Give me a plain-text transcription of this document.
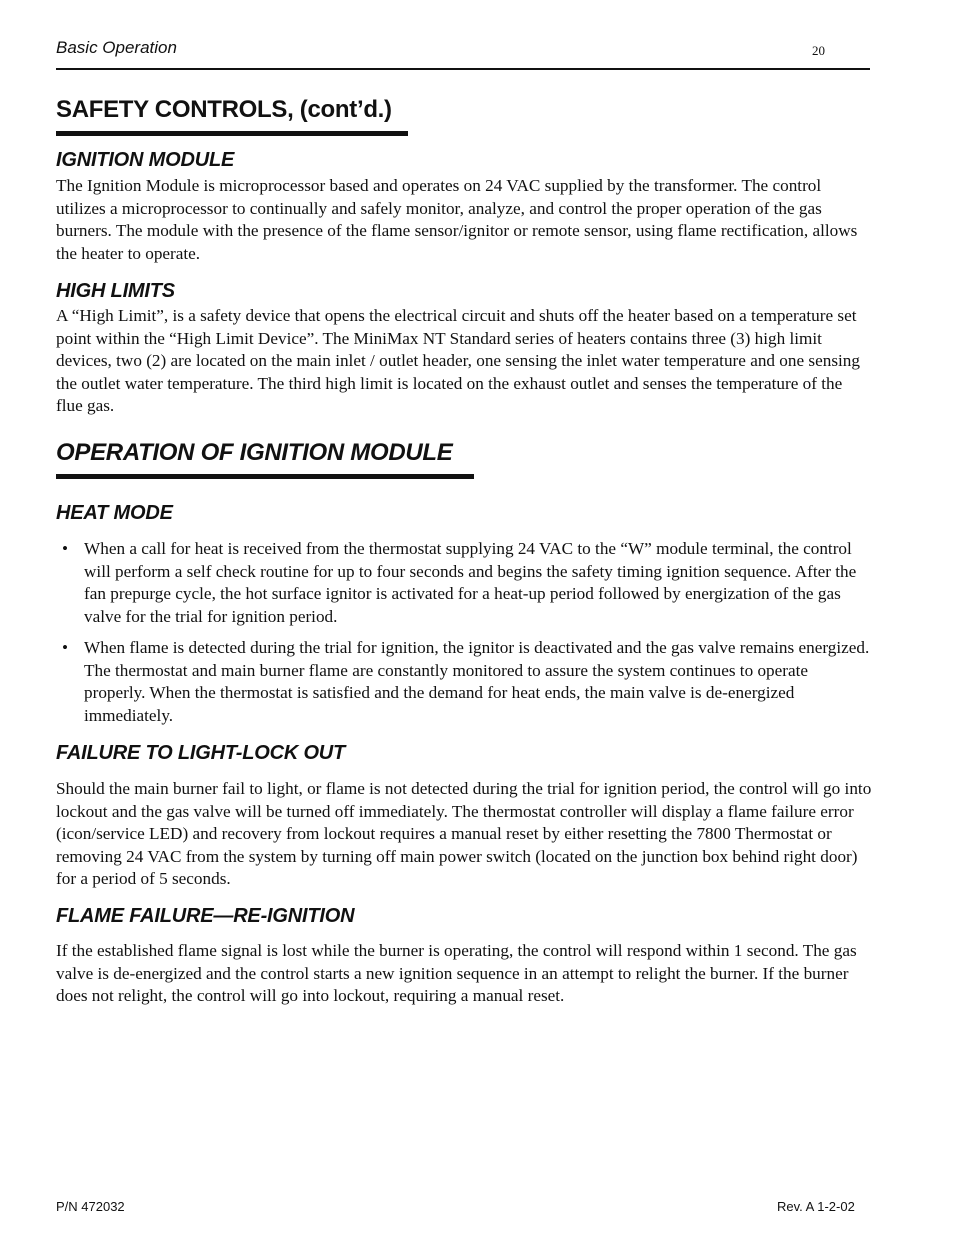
Basic Operation	20
SAFETY CONTROLS, (cont’d.)
IGNITION MODULE
The Ignition Module is microprocessor based and operates on 24 VAC supplied by the transformer. The control utilizes a microprocessor to continually and safely monitor, analyze, and control the proper operation of the gas burners. The module with the presence of the flame sensor/ignitor or remote sensor, using flame rectification, allows the heater to operate.
HIGH LIMITS
A “High Limit”, is a safety device that opens the electrical circuit and shuts off the heater based on a temperature set point within the “High Limit Device”. The MiniMax NT Standard series of heaters contains three (3) high limit devices, two (2) are located on the main inlet / outlet header, one sensing the inlet water temperature and one sensing the outlet water temperature. The third high limit is located on the exhaust outlet and senses the temperature of the flue gas.
OPERATION OF IGNITION MODULE
HEAT MODE
• When a call for heat is received from the thermostat supplying 24 VAC to the “W” module terminal, the control will perform a self check routine for up to four seconds and begins the safety timing ignition sequence. After the fan prepurge cycle, the hot surface ignitor is activated for a heat-up period followed by energization of the gas valve for the trial for ignition period.
• When flame is detected during the trial for ignition, the ignitor is deactivated and the gas valve remains energized. The thermostat and main burner flame are constantly monitored to assure the system continues to operate properly. When the thermostat is satisfied and the demand for heat ends, the main valve is de-energized immediately.
FAILURE TO LIGHT-LOCK OUT
Should the main burner fail to light, or flame is not detected during the trial for ignition period, the control will go into lockout and the gas valve will be turned off immediately. The thermostat controller will display a flame failure error (icon/service LED) and recovery from lockout requires a manual reset by either resetting the 7800 Thermostat or removing 24 VAC from the system by turning off main power switch (located on the junction box behind right door) for a period of 5 seconds.
FLAME FAILURE—RE-IGNITION
If the established flame signal is lost while the burner is operating, the control will respond within 1 second. The gas valve is de-energized and the control starts a new ignition sequence in an attempt to relight the burner. If the burner does not relight, the control will go into lockout, requiring a manual reset.
P/N 472032	Rev. A 1-2-02
